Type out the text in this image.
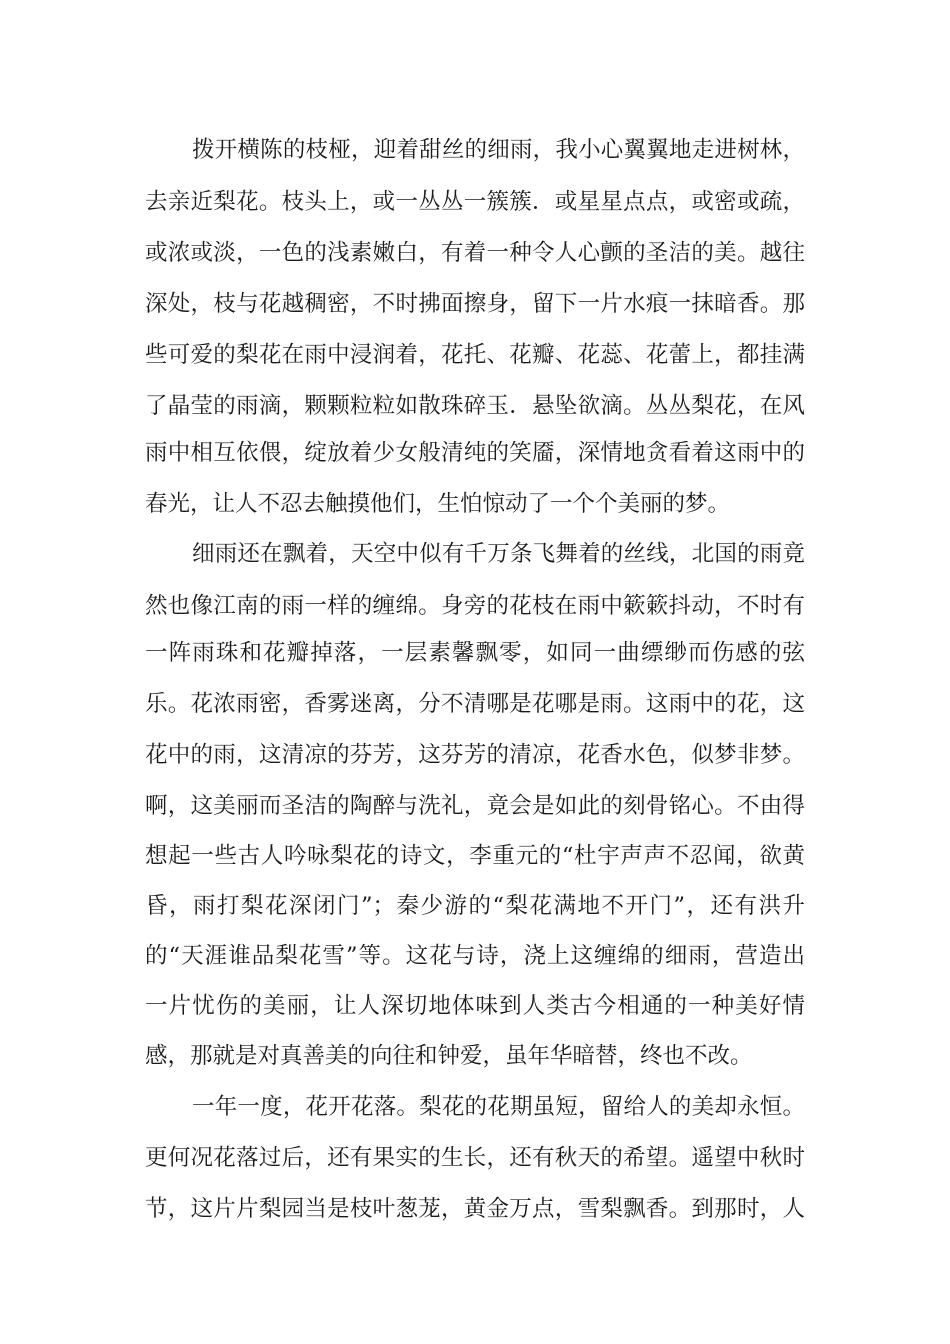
拨开横陈的枝桠，迎着甜丝的细雨，我小心翼翼地走进树林，
去亲近梨花。枝头上，或一丛丛一簇簇．或星星点点，或密或疏，
或浓或淡，一色的浅素嫩白，有着一种令人心颤的圣洁的美。越往
深处，枝与花越稠密，不时拂面擦身，留下一片水痕一抹暗香。那
些可爱的梨花在雨中浸润着，花托、花瓣、花蕊、花蕾上，都挂满
了晶莹的雨滴，颗颗粒粒如散珠碎玉．悬坠欲滴。丛丛梨花，在风
雨中相互依偎，绽放着少女般清纯的笑靥，深情地贪看着这雨中的
春光，让人不忍去触摸他们，生怕惊动了一个个美丽的梦。
细雨还在飘着，天空中似有千万条飞舞着的丝线，北国的雨竟
然也像江南的雨一样的缠绵。身旁的花枝在雨中簌簌抖动，不时有
一阵雨珠和花瓣掉落，一层素馨飘零，如同一曲缥缈而伤感的弦
乐。花浓雨密，香雾迷离，分不清哪是花哪是雨。这雨中的花，这
花中的雨，这清凉的芬芳，这芬芳的清凉，花香水色，似梦非梦。
啊，这美丽而圣洁的陶醉与洗礼，竟会是如此的刻骨铭心。不由得
想起一些古人吟咏梨花的诗文，李重元的“杜宇声声不忍闻，欲黄
昏，雨打梨花深闭门”；秦少游的“梨花满地不开门”，还有洪升
的“天涯谁品梨花雪”等。这花与诗，浇上这缠绵的细雨，营造出
一片忧伤的美丽，让人深切地体味到人类古今相通的一种美好情
感，那就是对真善美的向往和钟爱，虽年华暗替，终也不改。
一年一度，花开花落。梨花的花期虽短，留给人的美却永恒。
更何况花落过后，还有果实的生长，还有秋天的希望。遥望中秋时
节，这片片梨园当是枝叶葱茏，黄金万点，雪梨飘香。到那时，人
